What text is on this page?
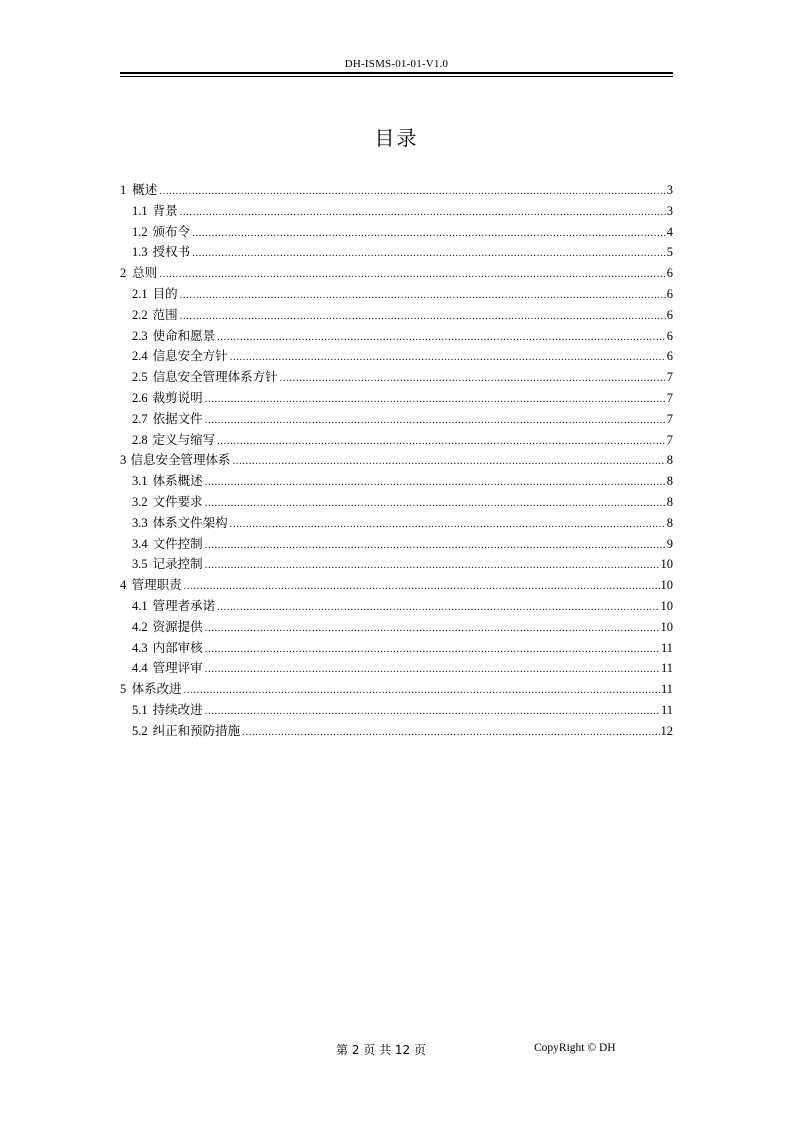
DH-ISMS-01-01-V1.0
目录
1 概述 .....	3
1.1 背景 .....	3
1.2 颁布令 .....	4
1.3 授权书 .....	5
2 总则 .....	6
2.1 目的 .....	6
2.2 范围 .....	6
2.3 使命和愿景 .....	6
2.4 信息安全方针 .....	6
2.5 信息安全管理体系方针 .....	7
2.6 裁剪说明 .....	7
2.7 依据文件 .....	7
2.8 定义与缩写 .....	7
3 信息安全管理体系 .....	8
3.1 体系概述 .....	8
3.2 文件要求 .....	8
3.3 体系文件架构 .....	8
3.4 文件控制 .....	9
3.5 记录控制 .....	10
4 管理职责 .....	10
4.1 管理者承诺 .....	10
4.2 资源提供 .....	10
4.3 内部审核 .....	11
4.4 管理评审 .....	11
5 体系改进 .....	11
5.1 持续改进 .....	11
5.2 纠正和预防措施 .....	12
第 2 页 共 12 页	CopyRight © DH
